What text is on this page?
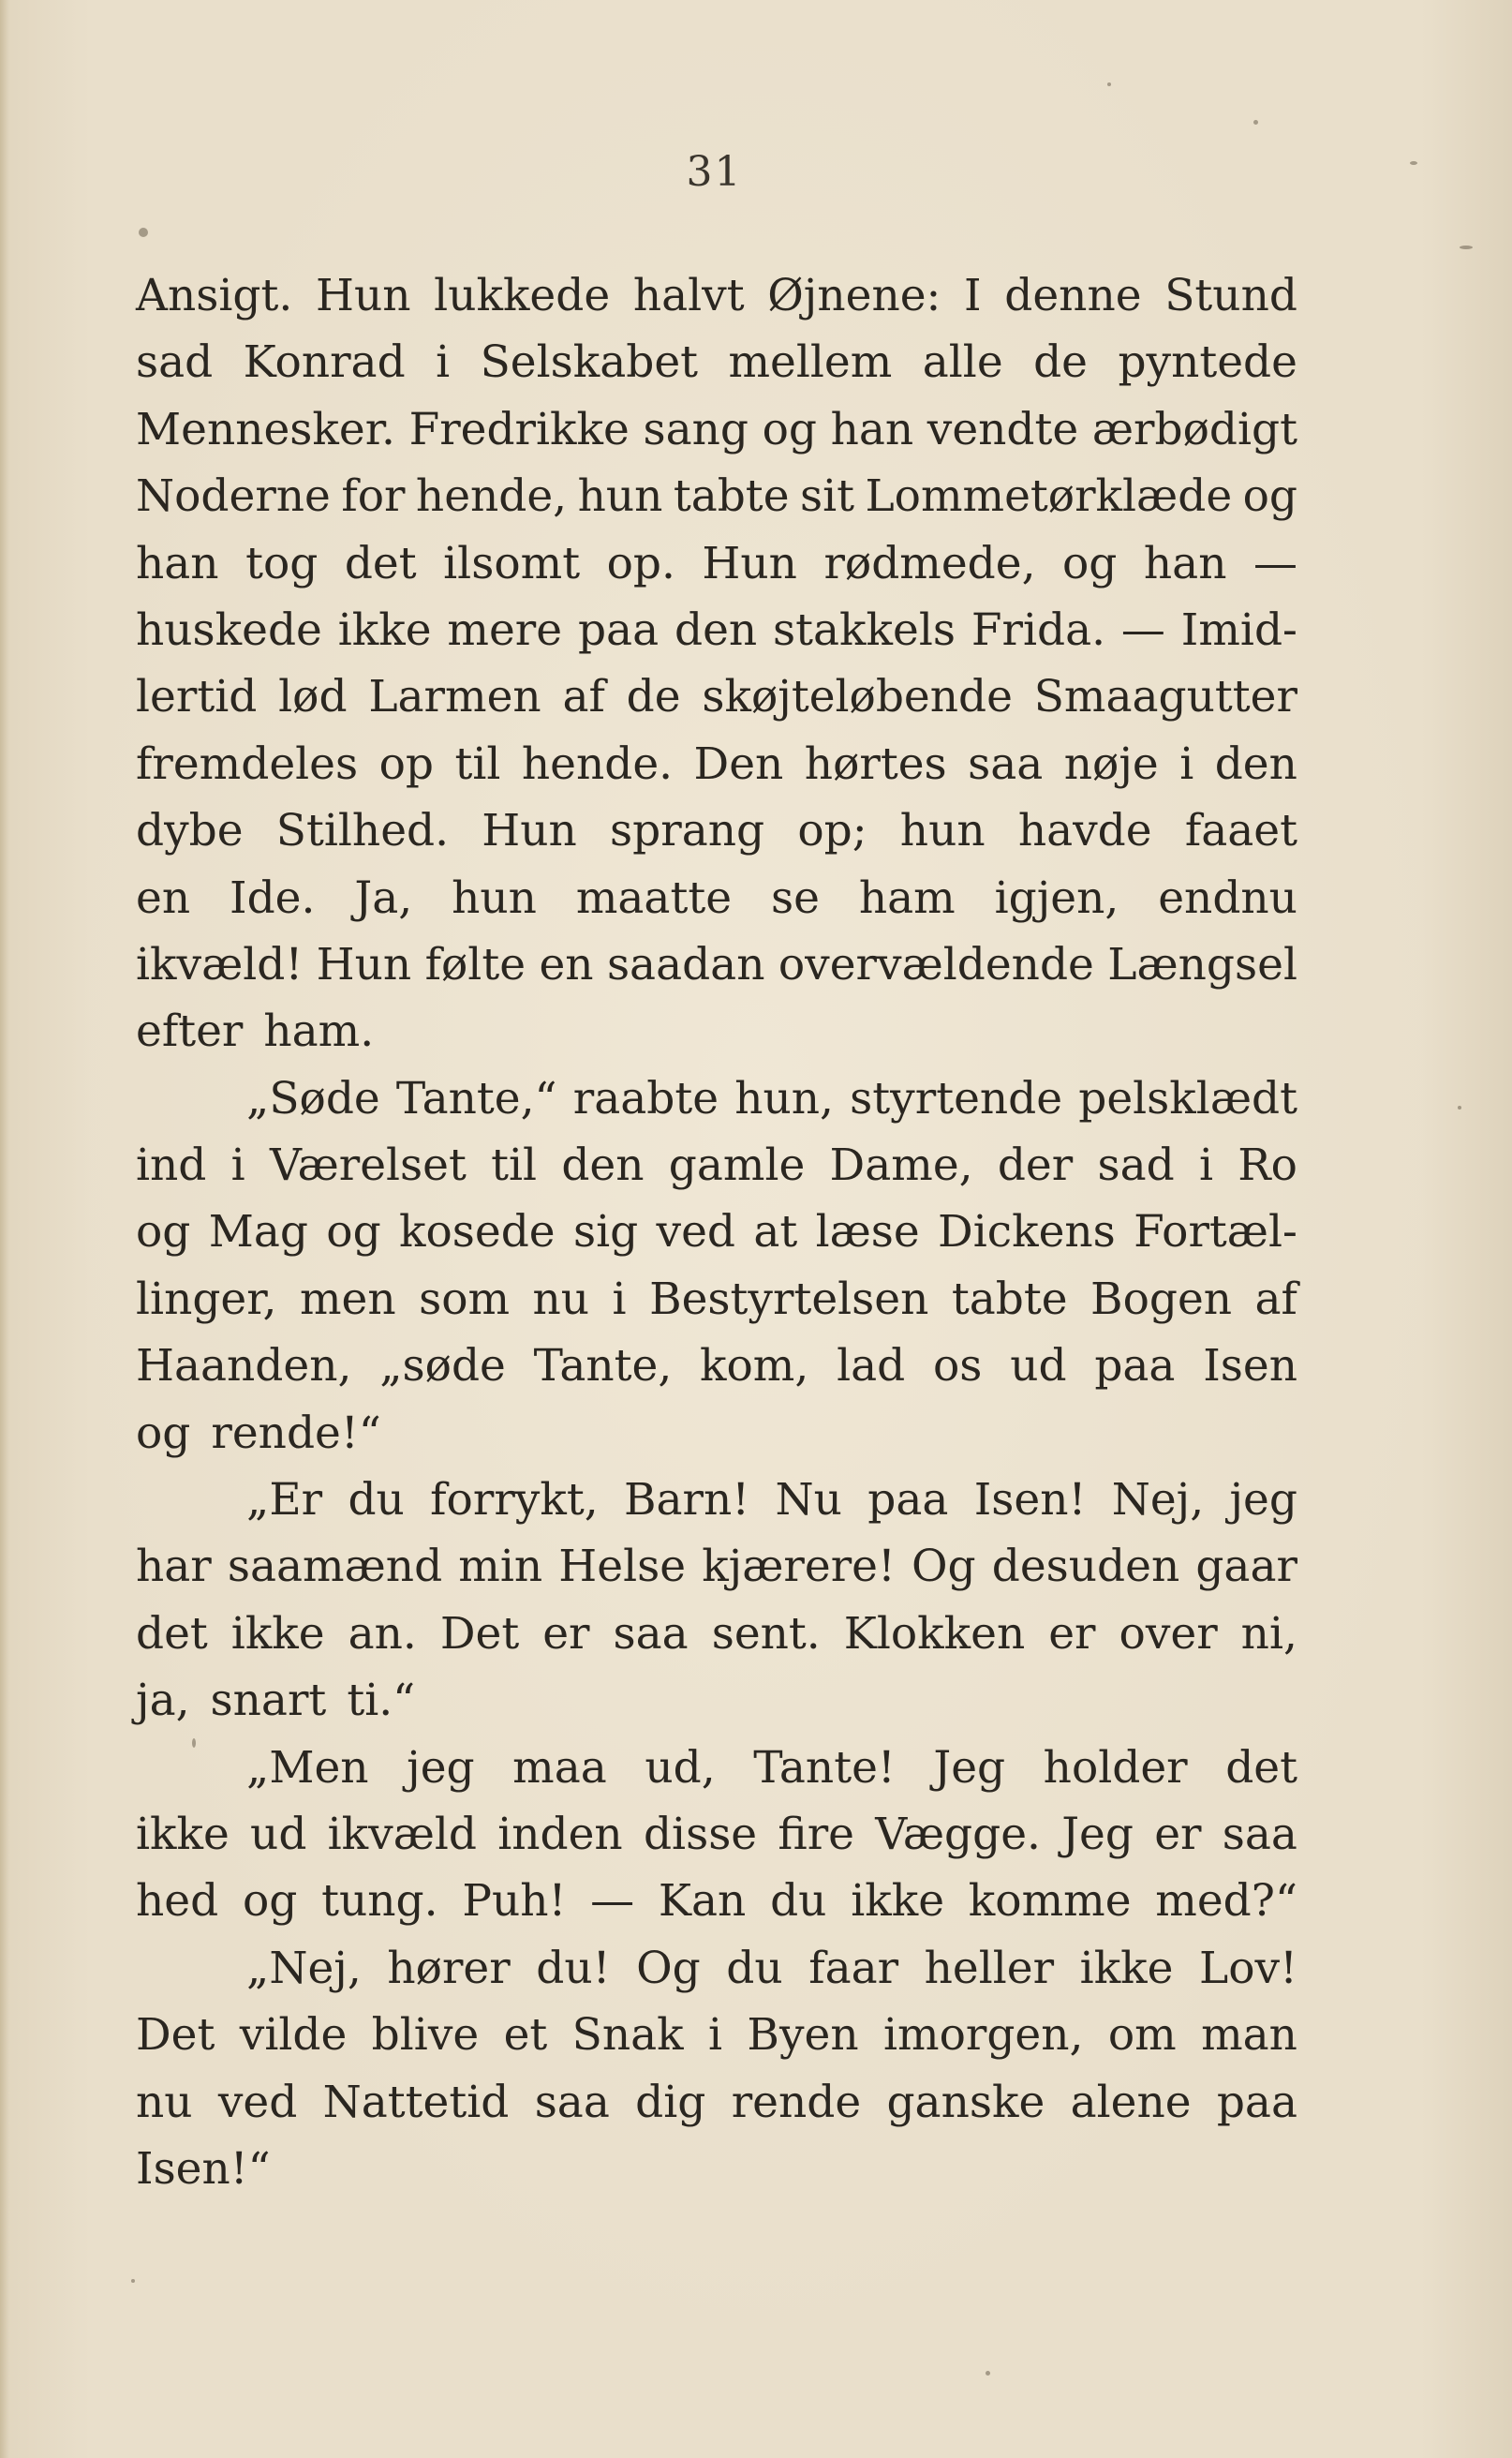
31
Ansigt. Hun lukkede halvt Øjnene: I denne Stund
sad Konrad i Selskabet mellem alle de pyntede
Mennesker. Fredrikke sang og han vendte ærbødigt
Noderne for hende, hun tabte sit Lommetørklæde og
han tog det ilsomt op. Hun rødmede, og han —
huskede ikke mere paa den stakkels Frida. — Imid-
lertid lød Larmen af de skøjteløbende Smaagutter
fremdeles op til hende. Den hørtes saa nøje i den
dybe Stilhed. Hun sprang op; hun havde faaet
en Ide. Ja, hun maatte se ham igjen, endnu
ikvæld! Hun følte en saadan overvældende Længsel
efter ham.
„Søde Tante,“ raabte hun, styrtende pelsklædt
ind i Værelset til den gamle Dame, der sad i Ro
og Mag og kosede sig ved at læse Dickens Fortæl-
linger, men som nu i Bestyrtelsen tabte Bogen af
Haanden, „søde Tante, kom, lad os ud paa Isen
og rende!“
„Er du forrykt, Barn! Nu paa Isen! Nej, jeg
har saamænd min Helse kjærere! Og desuden gaar
det ikke an. Det er saa sent. Klokken er over ni,
ja, snart ti.“
„Men jeg maa ud, Tante! Jeg holder det
ikke ud ikvæld inden disse fire Vægge. Jeg er saa
hed og tung. Puh! — Kan du ikke komme med?“
„Nej, hører du! Og du faar heller ikke Lov!
Det vilde blive et Snak i Byen imorgen, om man
nu ved Nattetid saa dig rende ganske alene paa
Isen!“
